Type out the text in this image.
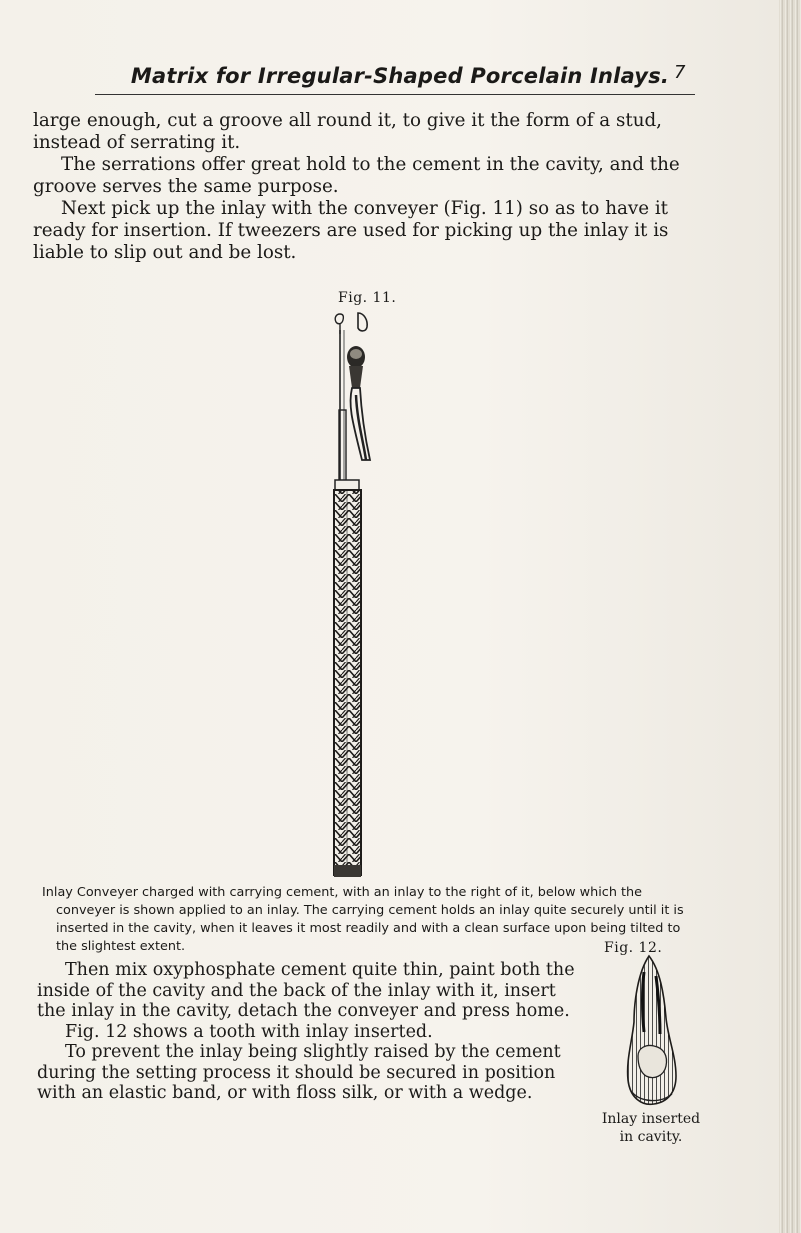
Matrix for Irregular-Shaped Porcelain Inlays. 7

large enough, cut a groove all round it, to give it the form of a stud, instead of serrating it.

The serrations offer great hold to the cement in the cavity, and the groove serves the same purpose.

Next pick up the inlay with the conveyer (Fig. 11) so as to have it ready for insertion. If tweezers are used for picking up the inlay it is liable to slip out and be lost.

Fig. 11.

Inlay Conveyer charged with carrying cement, with an inlay to the right of it, below which the conveyer is shown applied to an inlay. The carrying cement holds an inlay quite securely until it is inserted in the cavity, when it leaves it most readily and with a clean surface upon being tilted to the slightest extent.	Fig. 12.

Then mix oxyphosphate cement quite thin, paint both the inside of the cavity and the back of the inlay with it, insert the inlay in the cavity, detach the conveyer and press home.

Fig. 12 shows a tooth with inlay inserted.

To prevent the inlay being slightly raised by the cement during the setting process it should be secured in position with an elastic band, or with floss silk, or with a wedge.

Inlay inserted
in cavity.
